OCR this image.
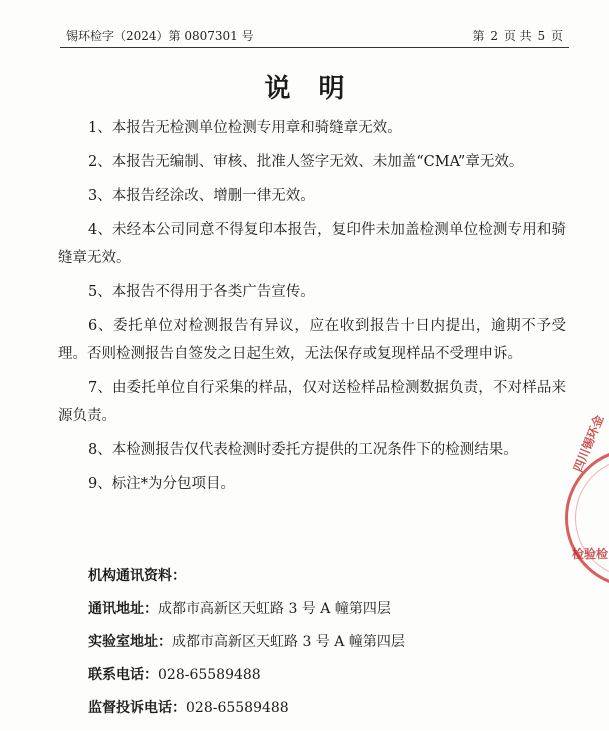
锡环检字（2024）第 0807301 号	第 2 页 共 5 页
说明

1、本报告无检测单位检测专用章和骑缝章无效。

2、本报告无编制、审核、批准人签字无效、未加盖“CMA”章无效。

3、本报告经涂改、增删一律无效。

4、未经本公司同意不得复印本报告，复印件未加盖检测单位检测专用和骑缝章无效。

5、本报告不得用于各类广告宣传。

6、委托单位对检测报告有异议，应在收到报告十日内提出，逾期不予受理。否则检测报告自签发之日起生效，无法保存或复现样品不受理申诉。

7、由委托单位自行采集的样品，仅对送检样品检测数据负责，不对样品来源负责。

8、本检测报告仅代表检测时委托方提供的工况条件下的检测结果。

9、标注*为分包项目。

机构通讯资料：
通讯地址：成都市高新区天虹路 3 号 A 幢第四层
实验室地址：成都市高新区天虹路 3 号 A 幢第四层
联系电话：028-65589488
监督投诉电话：028-65589488
四川锡环金
检验检
